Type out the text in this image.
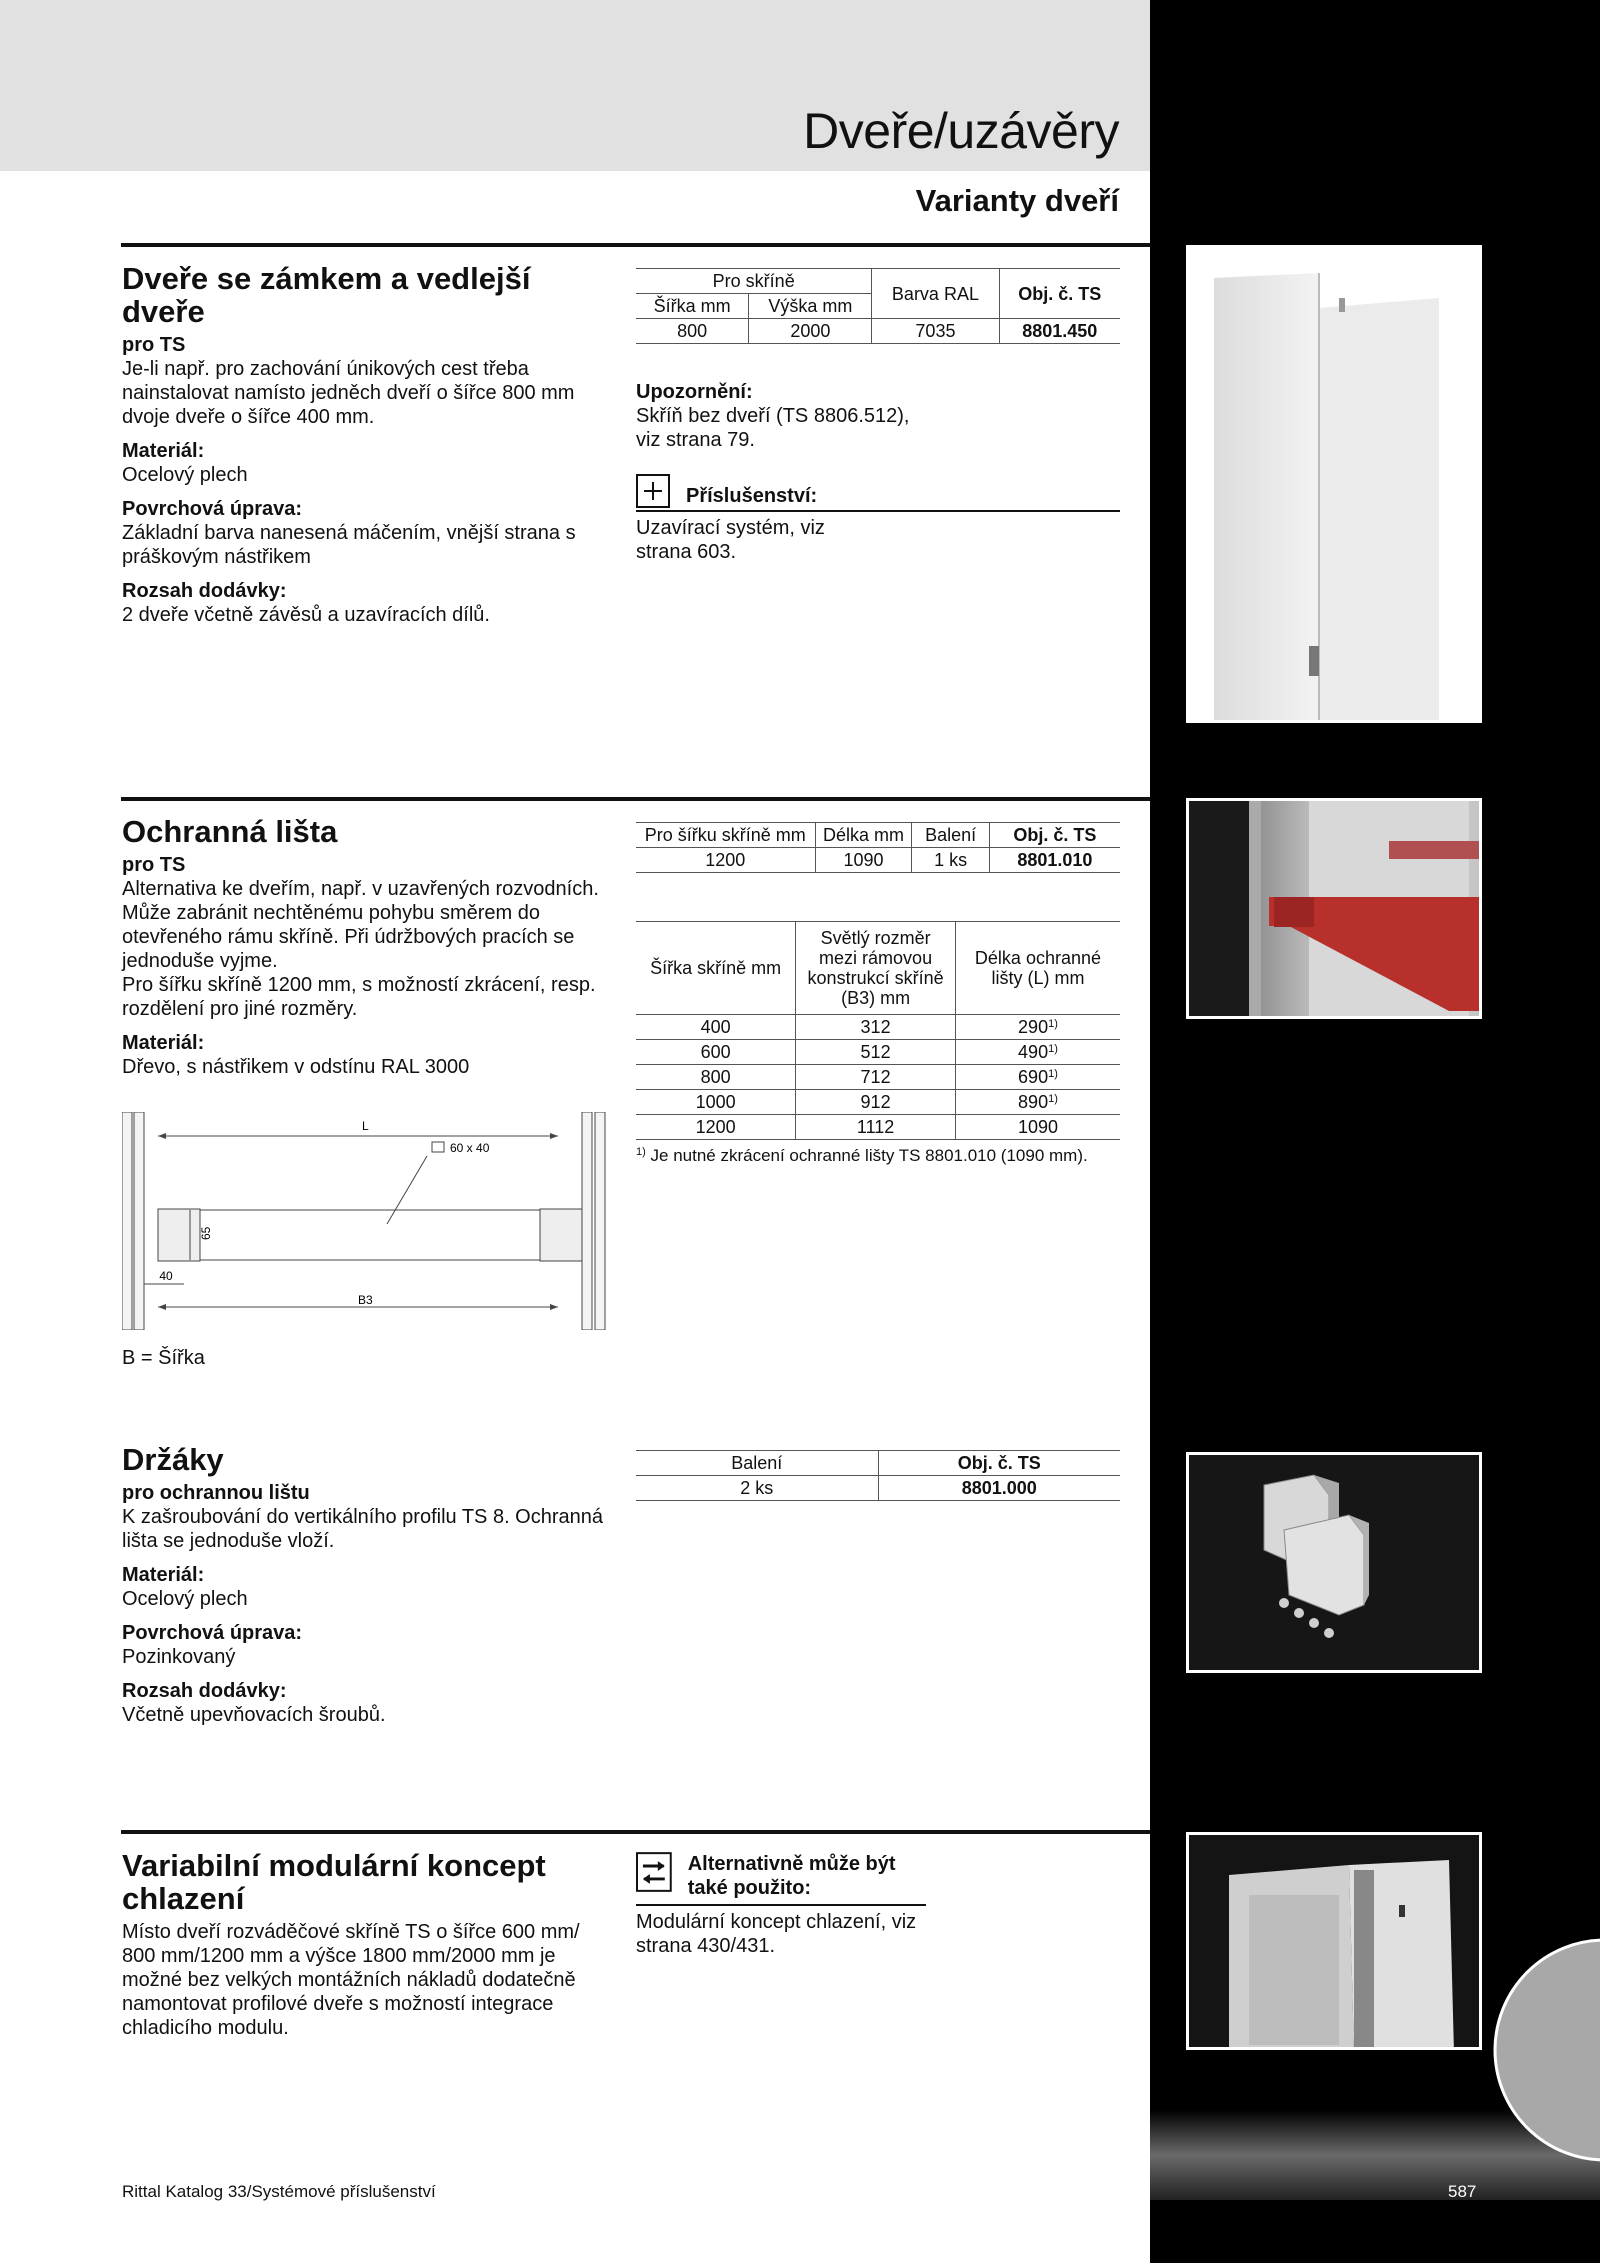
Dveře/uzávěry
Varianty dveří
Dveře se zámkem a vedlejší dveře
pro TS
Je-li např. pro zachování únikových cest třeba nainstalovat namísto jedněch dveří o šířce 800 mm dvoje dveře o šířce 400 mm.
Materiál:
Ocelový plech
Povrchová úprava:
Základní barva nanesená máčením, vnější strana s práškovým nástřikem
Rozsah dodávky:
2 dveře včetně závěsů a uzavíracích dílů.
Pro skříně		Barva RAL	Obj. č. TS
Šířka mm	Výška mm		
800	2000	7035	8801.450
Upozornění:
Skříň bez dveří (TS 8806.512), viz strana 79.
Příslušenství:
Uzavírací systém, viz strana 603.
Ochranná lišta
pro TS
Alternativa ke dveřím, např. v uzavřených rozvodních. Může zabránit nechtěnému pohybu směrem do otevřeného rámu skříně. Při údržbových pracích se jednoduše vyjme.
Pro šířku skříně 1200 mm, s možností zkrácení, resp. rozdělení pro jiné rozměry.
Materiál:
Dřevo, s nástřikem v odstínu RAL 3000
L
60 x 40
65
40
B3
B = Šířka
Pro šířku skříně mm	Délka mm	Balení	Obj. č. TS
1200	1090	1 ks	8801.010
Šířka skříně mm	Světlý rozměr mezi rámovou konstrukcí skříně (B3) mm	Délka ochranné lišty (L) mm
400	312	290$^{1)}$
600	512	490$^{1)}$
800	712	690$^{1)}$
1000	912	890$^{1)}$
1200	1112	1090
$^{1)}$ Je nutné zkrácení ochranné lišty TS 8801.010 (1090 mm).
Držáky
pro ochrannou lištu
K zašroubování do vertikálního profilu TS 8. Ochranná lišta se jednoduše vloží.
Materiál:
Ocelový plech
Povrchová úprava:
Pozinkovaný
Rozsah dodávky:
Včetně upevňovacích šroubů.
Balení	Obj. č. TS
2 ks	8801.000
Variabilní modulární koncept chlazení
Místo dveří rozváděčové skříně TS o šířce 600 mm/ 800 mm/1200 mm a výšce 1800 mm/2000 mm je možné bez velkých montážních nákladů dodatečně namontovat profilové dveře s možností integrace chladicího modulu.
Alternativně může být také použito:
Modulární koncept chlazení, viz strana 430/431.
Rittal Katalog 33/Systémové příslušenství	587
